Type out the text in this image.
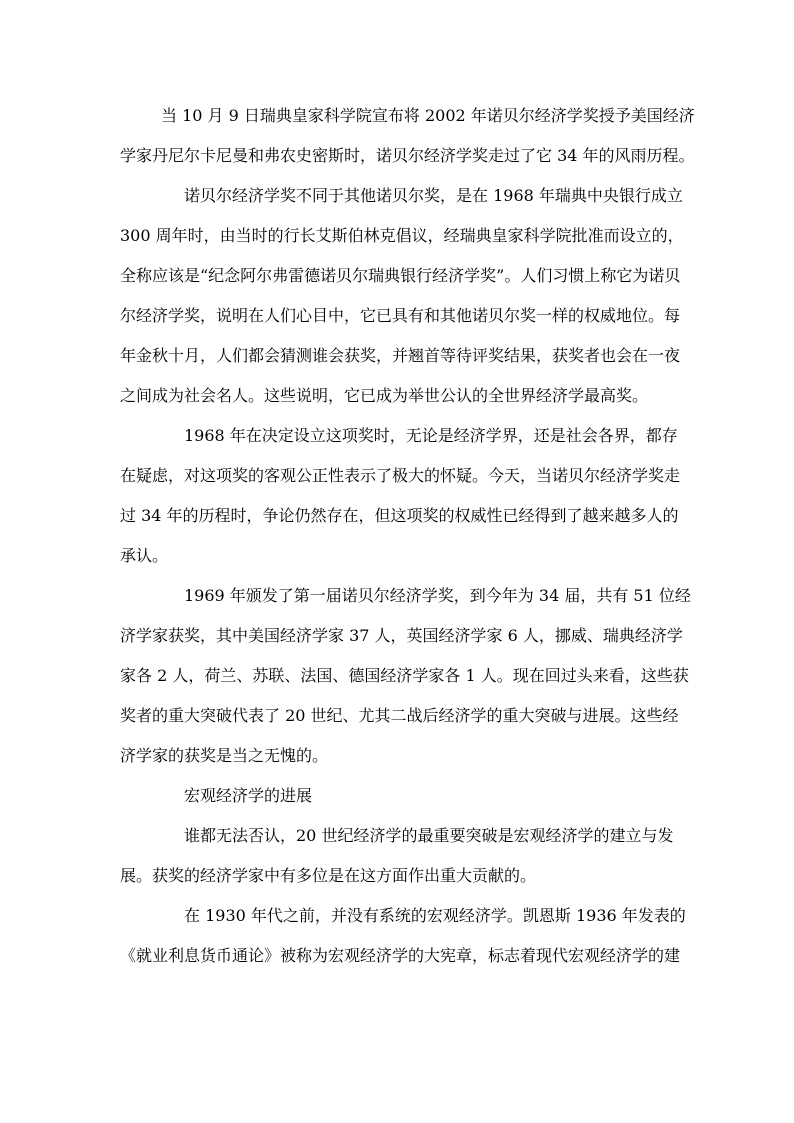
当 10 月 9 日瑞典皇家科学院宣布将 2002 年诺贝尔经济学奖授予美国经济
学家丹尼尔卡尼曼和弗农史密斯时，诺贝尔经济学奖走过了它 34 年的风雨历程。

诺贝尔经济学奖不同于其他诺贝尔奖，是在 1968 年瑞典中央银行成立
300 周年时，由当时的行长艾斯伯林克倡议，经瑞典皇家科学院批准而设立的，
全称应该是“纪念阿尔弗雷德诺贝尔瑞典银行经济学奖”。人们习惯上称它为诺贝
尔经济学奖，说明在人们心目中，它已具有和其他诺贝尔奖一样的权威地位。每
年金秋十月，人们都会猜测谁会获奖，并翘首等待评奖结果，获奖者也会在一夜
之间成为社会名人。这些说明，它已成为举世公认的全世界经济学最高奖。

1968 年在决定设立这项奖时，无论是经济学界，还是社会各界，都存
在疑虑，对这项奖的客观公正性表示了极大的怀疑。今天，当诺贝尔经济学奖走
过 34 年的历程时，争论仍然存在，但这项奖的权威性已经得到了越来越多人的
承认。

1969 年颁发了第一届诺贝尔经济学奖，到今年为 34 届，共有 51 位经
济学家获奖，其中美国经济学家 37 人，英国经济学家 6 人，挪威、瑞典经济学
家各 2 人，荷兰、苏联、法国、德国经济学家各 1 人。现在回过头来看，这些获
奖者的重大突破代表了 20 世纪、尤其二战后经济学的重大突破与进展。这些经
济学家的获奖是当之无愧的。

宏观经济学的进展

谁都无法否认，20 世纪经济学的最重要突破是宏观经济学的建立与发
展。获奖的经济学家中有多位是在这方面作出重大贡献的。

在 1930 年代之前，并没有系统的宏观经济学。凯恩斯 1936 年发表的
《就业利息货币通论》被称为宏观经济学的大宪章，标志着现代宏观经济学的建
